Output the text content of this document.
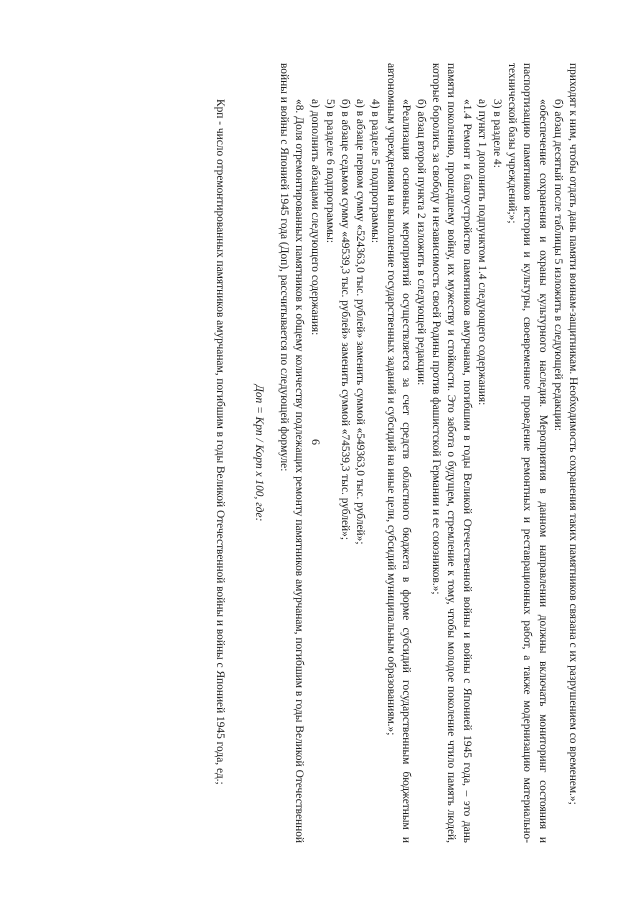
6	приходят к ним, чтобы отдать дань памяти воинам-защитникам. Необходимость сохранения таких памятников связана с их разрушением со временем.»;

б) абзац десятый после таблицы 5 изложить в следующей редакции:

«обеспечение сохранения и охраны культурного наследия. Мероприятия в данном направлении должны включать мониторинг состояния и паспортизацию памятников истории и культуры, своевременное проведение ремонтных и реставрационных работ, а также модернизацию материально-технической базы учреждений;»;

3) в разделе 4:

а) пункт 1 дополнить подпунктом 1.4 следующего содержания:

«1.4 Ремонт и благоустройство памятников амурчанам, погибшим в годы Великой Отечественной войны и войны с Японией 1945 года, – это дань памяти поколению, прошедшему войну, их мужеству и стойкости. Это забота о будущем, стремление к тому, чтобы молодое поколение чтило память людей, которые боролись за свободу и независимость своей Родины против фашистской Германии и ее союзников.»;

б) абзац второй пункта 2 изложить в следующей редакции:

«Реализация основных мероприятий осуществляется за счет средств областного бюджета в форме субсидий государственным бюджетным и автономным учреждениям на выполнение государственных заданий и субсидий на иные цели, субсидий муниципальным образованиям.»;

4) в разделе 5 подпрограммы:

а) в абзаце первом сумму «524363,0 тыс. рублей» заменить суммой «549363,0 тыс. рублей»;

б) в абзаце седьмом сумму «49539,3 тыс. рублей» заменить суммой «74539,3 тыс. рублей»;

5) в разделе 6 подпрограммы:

а) дополнить абзацами следующего содержания:

«8. Доля отремонтированных памятников к общему количеству подлежащих ремонту памятников амурчанам, погибшим в годы Великой Отечественной войны и войны с Японией 1945 года (Доп), рассчитывается по следующей формуле:

Доп = Крп / Корп х 100, где:

Крп - число отремонтированных памятников амурчанам, погибшим в годы Великой Отечественной войны и войны с Японией 1945 года, ед.;
